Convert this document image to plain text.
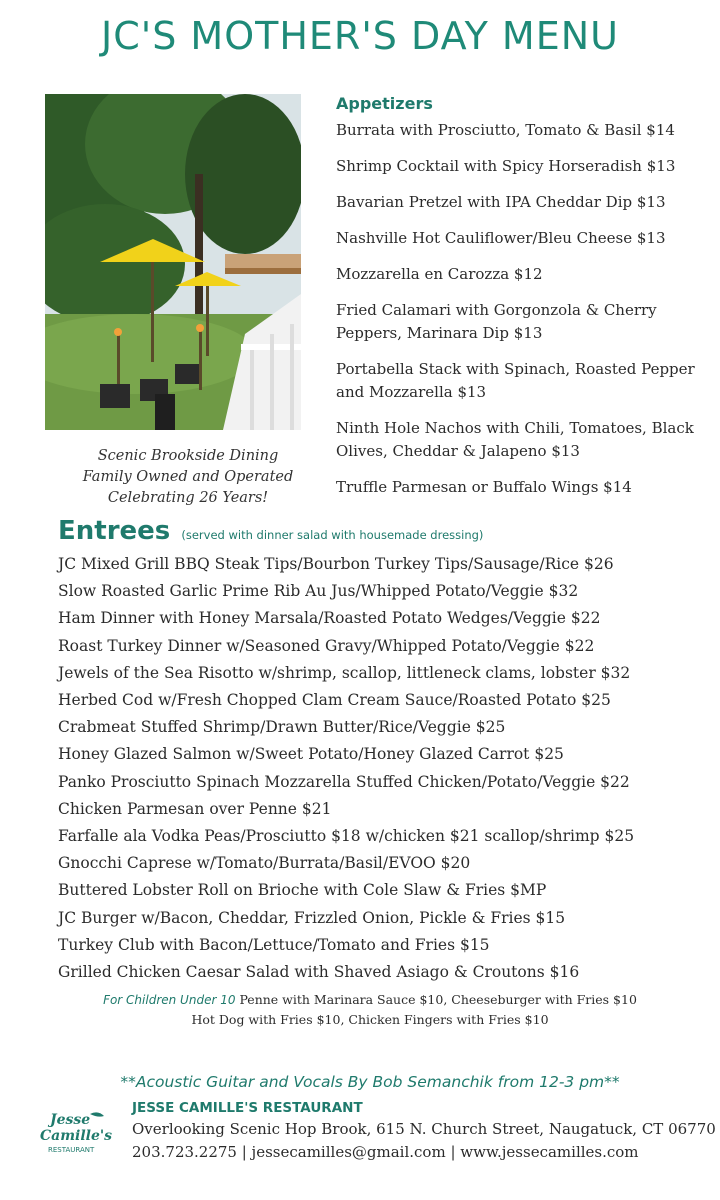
JC'S MOTHER'S DAY MENU
Scenic Brookside Dining
Family Owned and Operated
Celebrating 26 Years!
Appetizers
Burrata with Prosciutto, Tomato & Basil $14
Shrimp Cocktail with Spicy Horseradish $13
Bavarian Pretzel with IPA Cheddar Dip $13
Nashville Hot Cauliflower/Bleu Cheese $13
Mozzarella en Carozza $12
Fried Calamari with Gorgonzola & Cherry Peppers, Marinara Dip $13
Portabella Stack with Spinach, Roasted Pepper and Mozzarella $13
Ninth Hole Nachos with Chili, Tomatoes, Black Olives, Cheddar & Jalapeno $13
Truffle Parmesan or Buffalo Wings $14
Entrees (served with dinner salad with housemade dressing)
JC Mixed Grill BBQ Steak Tips/Bourbon Turkey Tips/Sausage/Rice $26
Slow Roasted Garlic Prime Rib Au Jus/Whipped Potato/Veggie $32
Ham Dinner with Honey Marsala/Roasted Potato Wedges/Veggie $22
Roast Turkey Dinner w/Seasoned Gravy/Whipped Potato/Veggie $22
Jewels of the Sea Risotto w/shrimp, scallop, littleneck clams, lobster $32
Herbed Cod w/Fresh Chopped Clam Cream Sauce/Roasted Potato $25
Crabmeat Stuffed Shrimp/Drawn Butter/Rice/Veggie $25
Honey Glazed Salmon w/Sweet Potato/Honey Glazed Carrot $25
Panko Prosciutto Spinach Mozzarella Stuffed Chicken/Potato/Veggie $22
Chicken Parmesan over Penne $21
Farfalle ala Vodka Peas/Prosciutto $18 w/chicken $21 scallop/shrimp $25
Gnocchi Caprese w/Tomato/Burrata/Basil/EVOO $20
Buttered Lobster Roll on Brioche with Cole Slaw & Fries $MP
JC Burger w/Bacon, Cheddar, Frizzled Onion, Pickle & Fries $15
Turkey Club with Bacon/Lettuce/Tomato and Fries $15
Grilled Chicken Caesar Salad with Shaved Asiago & Croutons $16
For Children Under 10 Penne with Marinara Sauce $10, Cheeseburger with Fries $10
Hot Dog with Fries $10, Chicken Fingers with Fries $10
**Acoustic Guitar and Vocals By Bob Semanchik from 12-3 pm**
Jesse
Camille's
RESTAURANT
JESSE CAMILLE'S RESTAURANT
Overlooking Scenic Hop Brook, 615 N. Church Street, Naugatuck, CT 06770
203.723.2275 | jessecamilles@gmail.com | www.jessecamilles.com
